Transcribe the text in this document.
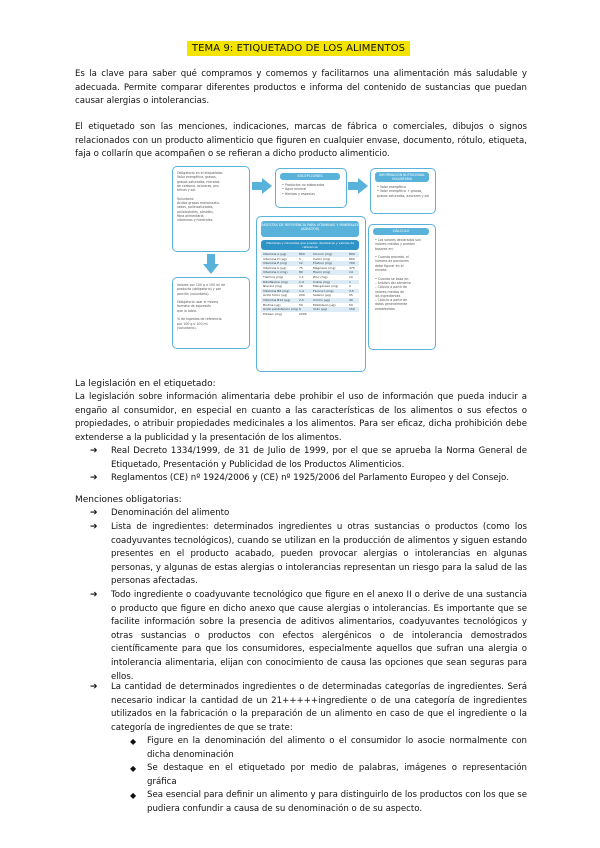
TEMA 9: ETIQUETADO DE LOS ALIMENTOS

Es la clave para saber qué compramos y comemos y facilitarnos una alimentación más saludable y adecuada. Permite comparar diferentes productos e informa del contenido de sustancias que puedan causar alergias o intolerancias.

El etiquetado son las menciones, indicaciones, marcas de fábrica o comerciales, dibujos o signos relacionados con un producto alimenticio que figuren en cualquier envase, documento, rótulo, etiqueta, faja o collarín que acompañen o se refieran a dicho producto alimenticio.

Obligatorio en el etiquetado:
Valor energético, grasas,
grasas saturadas, hidratos
de carbono, azúcares, pro-
teínas y sal.
Voluntario:
Ácidos grasos monoinsatu-
rados, poliinsaturados,
polialcoholes, almidón,
fibra alimentaria,
vitaminas y minerales.
Valores por 100 g o 100 ml de
producto (obligatorio) y por
porción (voluntario).
Obligatorio usar el mismo
formato de expresión
que la tabla.
% de Ingestas de referencia
por 100 g o 100 ml
(voluntario).
EXCEPCIONES
• Productos no elaborados
• Agua mineral
• Hierbas y especias
INFORMACIÓN NUTRICIONAL VOLUNTARIA
• Valor energético
• Valor energético + grasas,
grasas saturadas, azúcares y sal
INGESTAS DE REFERENCIA PARA VITAMINAS Y MINERALES (ADULTOS)
Vitaminas y minerales que pueden declararse y valores de referencia
Vitamina A (µg)	800	Cloruro (mg)	800
Vitamina D (µg)	5	Calcio (mg)	800
Vitamina E (mg)	12	Fósforo (mg)	700
Vitamina K (µg)	75	Magnesio (mg)	375
Vitamina C (mg)	80	Hierro (mg)	14
Tiamina (mg)	1,1	Zinc (mg)	10
Riboflavina (mg)	1,4	Cobre (mg)	1
Niacina (mg)	16	Manganeso (mg)	2
Vitamina B6 (mg)	1,4	Fluoruro (mg)	3,5
Ácido fólico (µg)	200	Selenio (µg)	55
Vitamina B12 (µg)	2,5	Cromo (µg)	40
Biotina (µg)	50	Molibdeno (µg)	50
Ácido pantoténico (mg) 6	Yodo (µg)	150
Potasio (mg)	2000
CÁLCULO
• Los valores declarados son
valores medios y pueden
basarse en:
• Cuando proceda, el
número de porciones
debe figurar en el
envase.
• Cuando se basa en:
– Análisis del alimento
– Cálculo a partir de
valores medios de
los ingredientes
– Cálculo a partir de
datos generalmente
establecidos
La legislación en el etiquetado:

La legislación sobre información alimentaria debe prohibir el uso de información que pueda inducir a engaño al consumidor, en especial en cuanto a las características de los alimentos o sus efectos o propiedades, o atribuir propiedades medicinales a los alimentos. Para ser eficaz, dicha prohibición debe extenderse a la publicidad y la presentación de los alimentos.

➔ Real Decreto 1334/1999, de 31 de Julio de 1999, por el que se aprueba la Norma General de Etiquetado, Presentación y Publicidad de los Productos Alimenticios.

➔ Reglamentos (CE) nº 1924/2006 y (CE) nº 1925/2006 del Parlamento Europeo y del Consejo.

Menciones obligatorias:
➔ Denominación del alimento

➔ Lista de ingredientes: determinados ingredientes u otras sustancias o productos (como los coadyuvantes tecnológicos), cuando se utilizan en la producción de alimentos y siguen estando presentes en el producto acabado, pueden provocar alergias o intolerancias en algunas personas, y algunas de estas alergias o intolerancias representan un riesgo para la salud de las personas afectadas.

➔ Todo ingrediente o coadyuvante tecnológico que figure en el anexo II o derive de una sustancia o producto que figure en dicho anexo que cause alergias o intolerancias. Es importante que se facilite información sobre la presencia de aditivos alimentarios, coadyuvantes tecnológicos y otras sustancias o productos con efectos alergénicos o de intolerancia demostrados científicamente para que los consumidores, especialmente aquellos que sufran una alergia o intolerancia alimentaria, elijan con conocimiento de causa las opciones que sean seguras para ellos.

➔ La cantidad de determinados ingredientes o de determinadas categorías de ingredientes. Será necesario indicar la cantidad de un 21+++++ingrediente o de una categoría de ingredientes utilizados en la fabricación o la preparación de un alimento en caso de que el ingrediente o la categoría de ingredientes de que se trate:

◆ Figure en la denominación del alimento o el consumidor lo asocie normalmente con dicha denominación

◆ Se destaque en el etiquetado por medio de palabras, imágenes o representación gráfica

◆ Sea esencial para definir un alimento y para distinguirlo de los productos con los que se pudiera confundir a causa de su denominación o de su aspecto.
